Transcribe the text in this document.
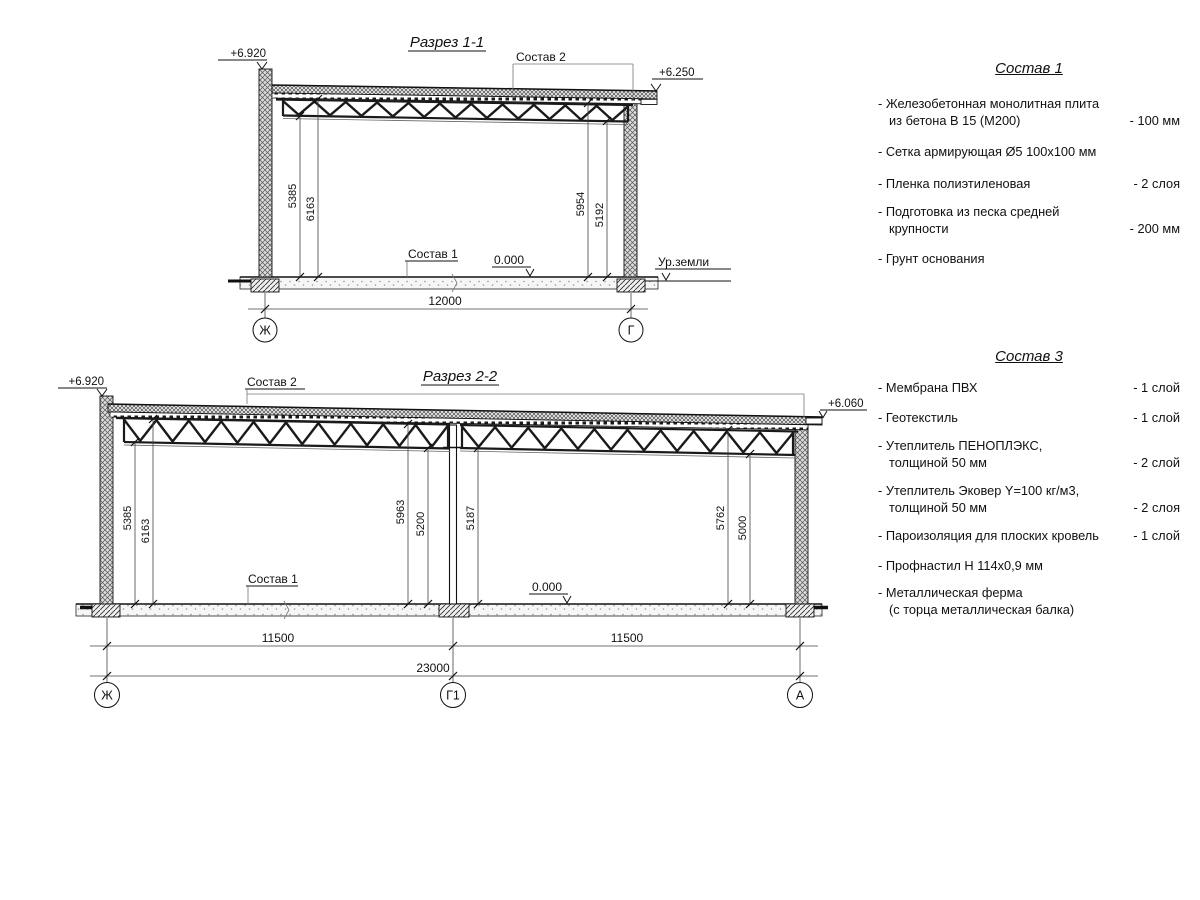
Разрез 1-1
5385
6163	5954 5192
+6.920
+6.250
0.000	Ур.земли
Состав 2
Состав 1
12000
Ж	Г
Разрез 2-2
5385
6163
5963 5200	5187	5762 5000
+6.920
+6.060
0.000
Состав 2
Состав 1
11500	11500
23000
Ж	Г1	А
Состав 1
- Железобетонная монолитная плита
из бетона В 15 (М200)	- 100 мм
- Сетка армирующая Ø5 100х100 мм
- Пленка полиэтиленовая	- 2 слоя
- Подготовка из песка средней
крупности	- 200 мм
- Грунт основания
Состав 3
- Мембрана ПВХ	- 1 слой
- Геотекстиль	- 1 слой
- Утеплитель ПЕНОПЛЭКС,
толщиной 50 мм	- 2 слой
- Утеплитель Эковер Y=100 кг/м3,
толщиной 50 мм	- 2 слоя
- Пароизоляция для плоских кровель	- 1 слой
- Профнастил Н 114х0,9 мм
- Металлическая ферма
(с торца металлическая балка)
